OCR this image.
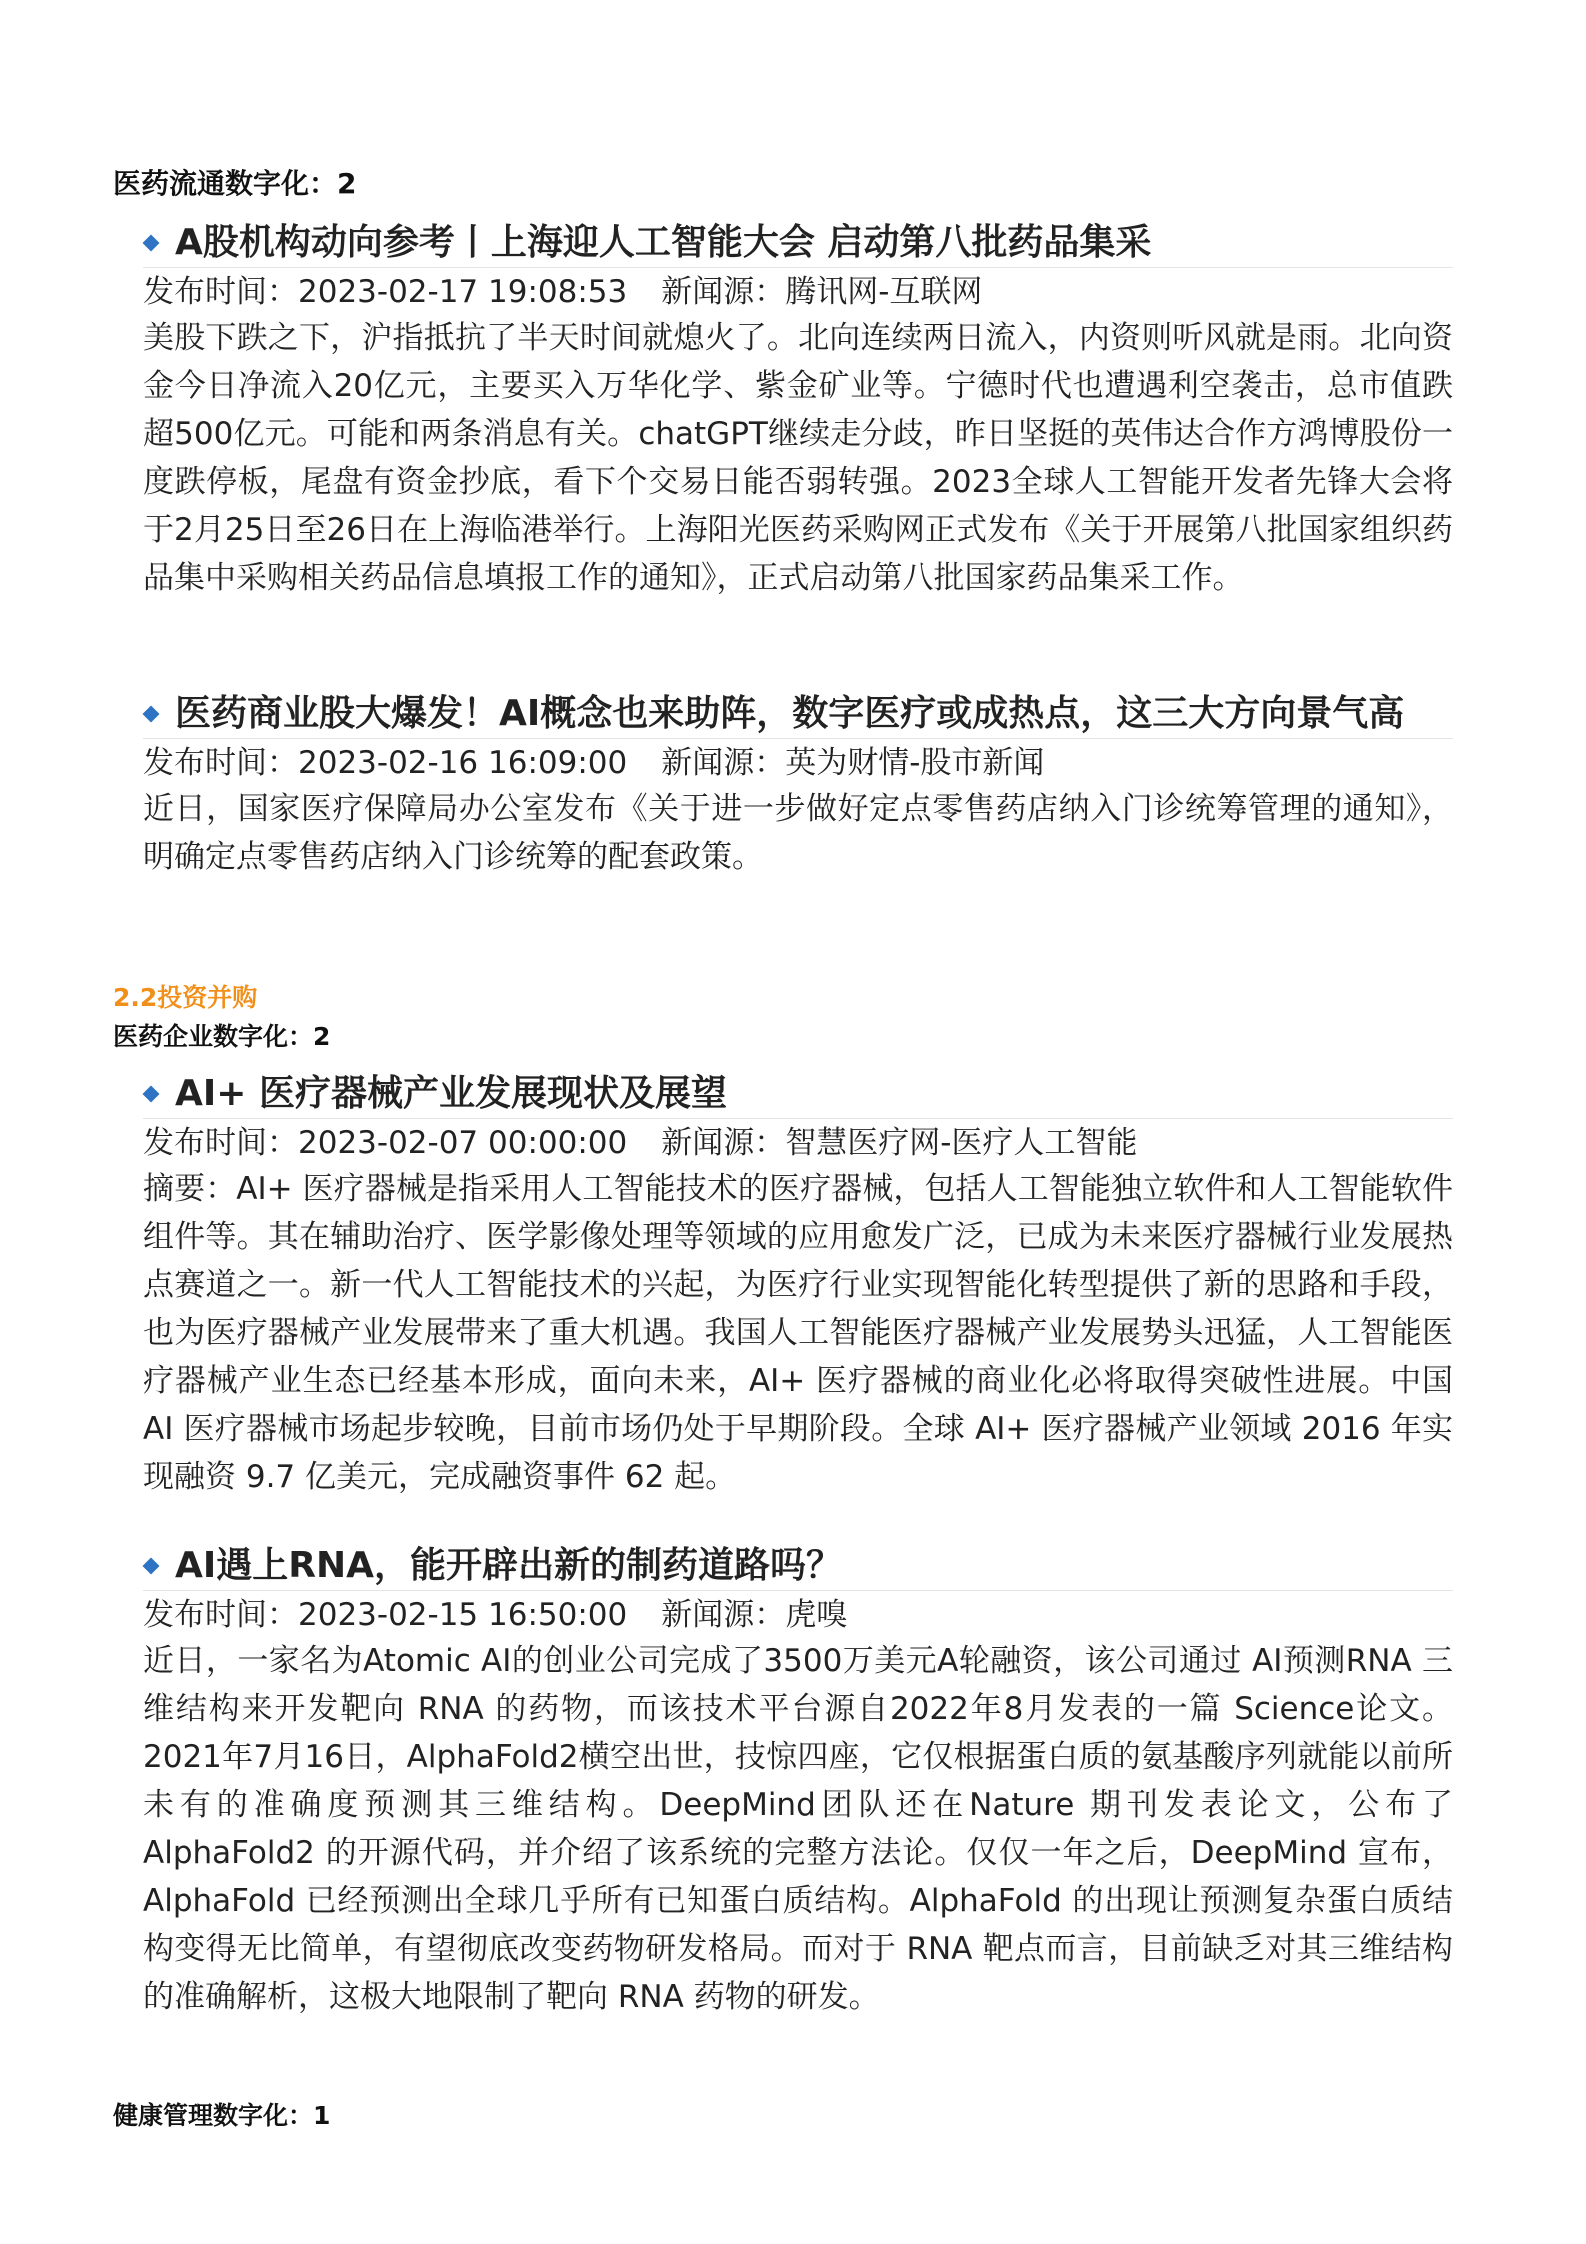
医药流通数字化：2
A股机构动向参考丨上海迎人工智能大会 启动第八批药品集采
发布时间：2023-02-17 19:08:53 新闻源：腾讯网-互联网
美股下跌之下，沪指抵抗了半天时间就熄火了。北向连续两日流入，内资则听风就是雨。北向资金今日净流入20亿元，主要买入万华化学、紫金矿业等。宁德时代也遭遇利空袭击，总市值跌超500亿元。可能和两条消息有关。chatGPT继续走分歧，昨日坚挺的英伟达合作方鸿博股份一度跌停板，尾盘有资金抄底，看下个交易日能否弱转强。2023全球人工智能开发者先锋大会将于2月25日至26日在上海临港举行。上海阳光医药采购网正式发布《关于开展第八批国家组织药品集中采购相关药品信息填报工作的通知》，正式启动第八批国家药品集采工作。
医药商业股大爆发！AI概念也来助阵，数字医疗或成热点，这三大方向景气高
发布时间：2023-02-16 16:09:00 新闻源：英为财情-股市新闻
近日，国家医疗保障局办公室发布《关于进一步做好定点零售药店纳入门诊统筹管理的通知》，明确定点零售药店纳入门诊统筹的配套政策。
2.2投资并购
医药企业数字化：2
AI+ 医疗器械产业发展现状及展望
发布时间：2023-02-07 00:00:00 新闻源：智慧医疗网-医疗人工智能
摘要：AI+ 医疗器械是指采用人工智能技术的医疗器械，包括人工智能独立软件和人工智能软件组件等。其在辅助治疗、医学影像处理等领域的应用愈发广泛，已成为未来医疗器械行业发展热点赛道之一。新一代人工智能技术的兴起，为医疗行业实现智能化转型提供了新的思路和手段，也为医疗器械产业发展带来了重大机遇。我国人工智能医疗器械产业发展势头迅猛，人工智能医疗器械产业生态已经基本形成，面向未来，AI+ 医疗器械的商业化必将取得突破性进展。中国 AI 医疗器械市场起步较晚，目前市场仍处于早期阶段。全球 AI+ 医疗器械产业领域 2016 年实现融资 9.7 亿美元，完成融资事件 62 起。
AI遇上RNA，能开辟出新的制药道路吗？
发布时间：2023-02-15 16:50:00 新闻源：虎嗅
近日，一家名为Atomic AI的创业公司完成了3500万美元A轮融资，该公司通过 AI预测RNA 三维结构来开发靶向 RNA 的药物，而该技术平台源自2022年8月发表的一篇 Science论文。2021年7月16日，AlphaFold2横空出世，技惊四座，它仅根据蛋白质的氨基酸序列就能以前所未有的准确度预测其三维结构。DeepMind团队还在Nature 期刊发表论文，公布了 AlphaFold2 的开源代码，并介绍了该系统的完整方法论。仅仅一年之后，DeepMind 宣布，AlphaFold 已经预测出全球几乎所有已知蛋白质结构。AlphaFold 的出现让预测复杂蛋白质结构变得无比简单，有望彻底改变药物研发格局。而对于 RNA 靶点而言，目前缺乏对其三维结构的准确解析，这极大地限制了靶向 RNA 药物的研发。
健康管理数字化：1
